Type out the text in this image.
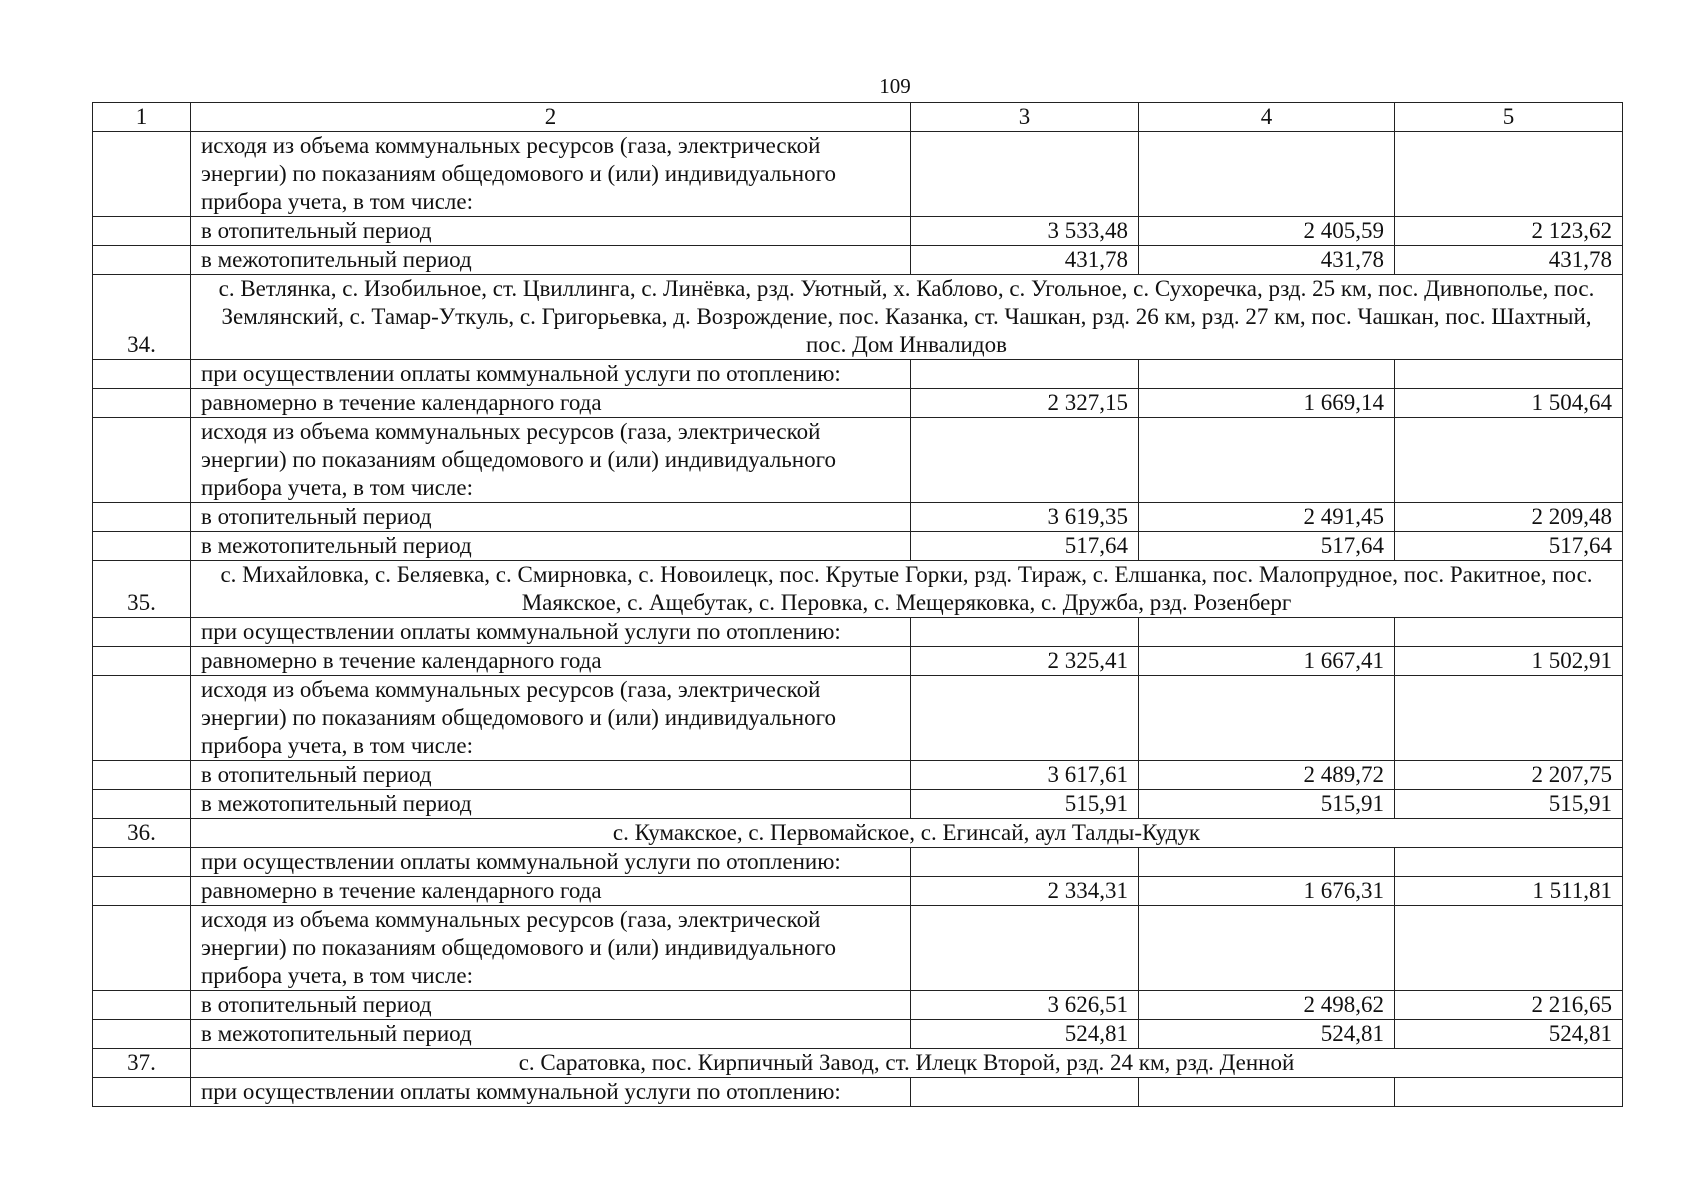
109
1	2	3	4	5
	исходя из объема коммунальных ресурсов (газа, электрической энергии) по показаниям общедомового и (или) индивидуального прибора учета, в том числе:			
	в отопительный период	3 533,48	2 405,59	2 123,62
	в межотопительный период	431,78	431,78	431,78
34.	с. Ветлянка, с. Изобильное, ст. Цвиллинга, с. Линёвка, рзд. Уютный, х. Каблово, с. Угольное, с. Сухоречка, рзд. 25 км, пос. Дивнополье, пос. Землянский, с. Тамар-Уткуль, с. Григорьевка, д. Возрождение, пос. Казанка, ст. Чашкан, рзд. 26 км, рзд. 27 км, пос. Чашкан, пос. Шахтный, пос. Дом Инвалидов			
	при осуществлении оплаты коммунальной услуги по отоплению:			
	равномерно в течение календарного года	2 327,15	1 669,14	1 504,64
	исходя из объема коммунальных ресурсов (газа, электрической энергии) по показаниям общедомового и (или) индивидуального прибора учета, в том числе:			
	в отопительный период	3 619,35	2 491,45	2 209,48
	в межотопительный период	517,64	517,64	517,64
35.	с. Михайловка, с. Беляевка, с. Смирновка, с. Новоилецк, пос. Крутые Горки, рзд. Тираж, с. Елшанка, пос. Малопрудное, пос. Ракитное, пос. Маякское, с. Ащебутак, с. Перовка, с. Мещеряковка, с. Дружба, рзд. Розенберг			
	при осуществлении оплаты коммунальной услуги по отоплению:			
	равномерно в течение календарного года	2 325,41	1 667,41	1 502,91
	исходя из объема коммунальных ресурсов (газа, электрической энергии) по показаниям общедомового и (или) индивидуального прибора учета, в том числе:			
	в отопительный период	3 617,61	2 489,72	2 207,75
	в межотопительный период	515,91	515,91	515,91
36.	с. Кумакское, с. Первомайское, с. Егинсай, аул Талды-Кудук			
	при осуществлении оплаты коммунальной услуги по отоплению:			
	равномерно в течение календарного года	2 334,31	1 676,31	1 511,81
	исходя из объема коммунальных ресурсов (газа, электрической энергии) по показаниям общедомового и (или) индивидуального прибора учета, в том числе:			
	в отопительный период	3 626,51	2 498,62	2 216,65
	в межотопительный период	524,81	524,81	524,81
37.	с. Саратовка, пос. Кирпичный Завод, ст. Илецк Второй, рзд. 24 км, рзд. Денной			
	при осуществлении оплаты коммунальной услуги по отоплению:			
